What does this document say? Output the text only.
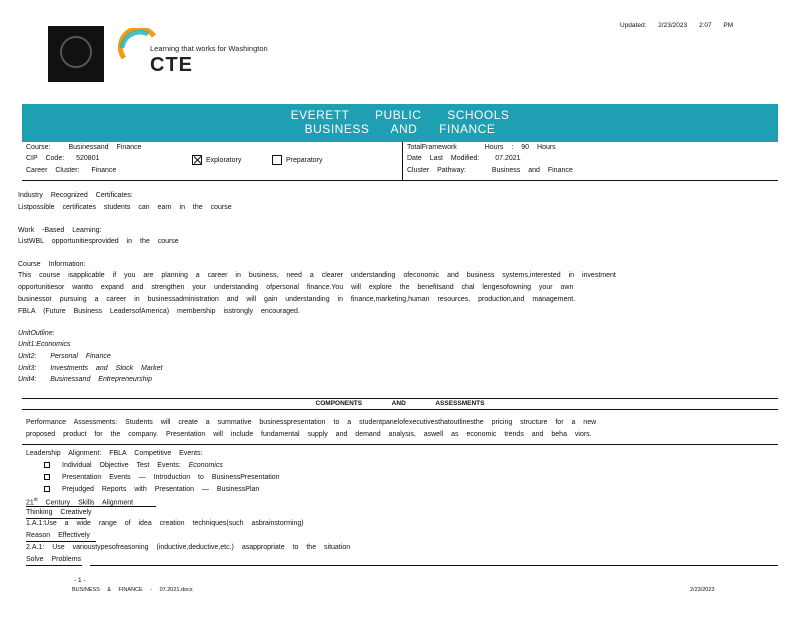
Updated: 2/23/2023 2:07 PM
Learning that works for Washington
CTE
EVERETT PUBLIC SCHOOLS
BUSINESS AND FINANCE
Course:	Businessand Finance
CIP Code: 520801
Career Cluster: Finance
Exploratory	Preparatory
TotalFramework	Hours : 90 Hours
Date Last Modified: 07.2021
Cluster Pathway:	Business and Finance
Industry Recognized Certificates:
Listpossible certificates students can earn in the course
Work -Based Learning:
ListWBL opportunitiesprovided in the course
Course Information:
This course isapplicable if you are planning a career in business, need a clearer understanding ofeconomic and business systems,interested in investment
opportunitiesor wantto expand and strengthen your understanding ofpersonal finance.You will explore the benefitsand chal lengesofowning your own
businessor pursuing a career in businessadministration and will gain understanding in finance,marketing,human resources, production,and management.
FBLA (Future Business LeadersofAmerica) membership isstrongly encouraged.
UnitOutline:
Unit1:Economics
Unit2: Personal Finance
Unit3: Investments and Stock Market
Unit4: Businessand Entrepreneurship
COMPONENTS AND ASSESSMENTS
Performance Assessments: Students will create a summative businesspresentation to a studentpanelofexecutivesthatoutlinesthe pricing structure for a new
proposed product for the company. Presentation will include fundamental supply and demand analysis, aswell as economic trends and beha viors.
Leadership Alignment: FBLA Competitive Events:
Individual Objective Test Events: Economics
Presentation Events — Introduction to BusinessPresentation
Prejudged Reports with Presentation — BusinessPlan
21st Century Skills Alignment
Thinking Creatively
1.A.1:Use a wide range of idea creation techniques(such asbrainstorming)
Reason Effectively
2.A.1: Use varioustypesofreasoning (inductive,deductive,etc.) asappropriate to the situation
Solve Problems
- 1 -
BUSINESS & FINANCE - 07.2021.docx	2/23/2023
